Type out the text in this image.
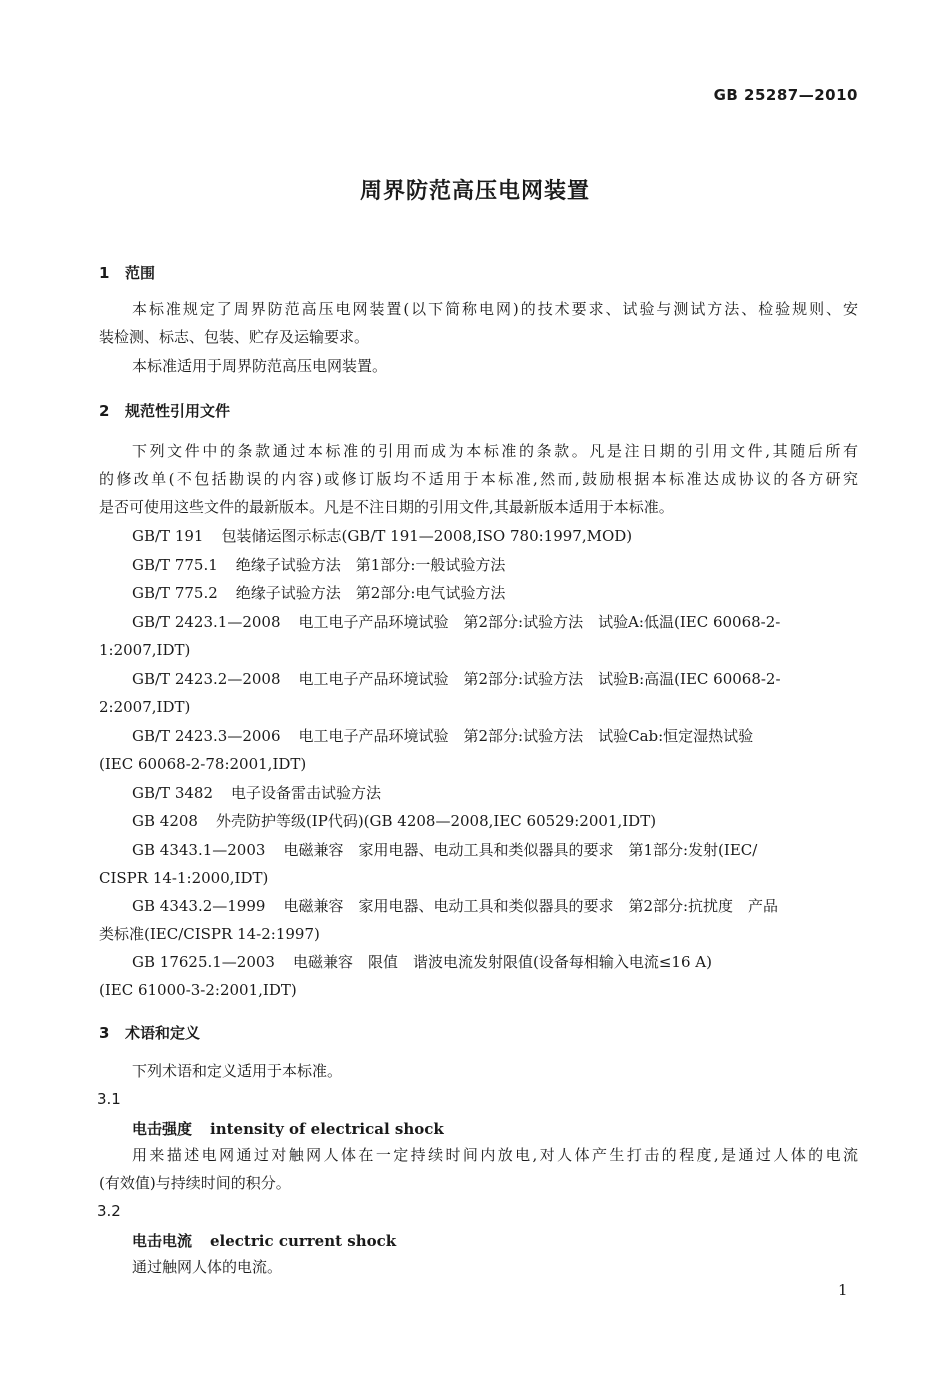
GB 25287—2010
周界防范高压电网装置
1 范围
本标准规定了周界防范高压电网装置(以下简称电网)的技术要求、试验与测试方法、检验规则、安
装检测、标志、包装、贮存及运输要求。
本标准适用于周界防范高压电网装置。
2 规范性引用文件
下列文件中的条款通过本标准的引用而成为本标准的条款。凡是注日期的引用文件,其随后所有
的修改单(不包括勘误的内容)或修订版均不适用于本标准,然而,鼓励根据本标准达成协议的各方研究
是否可使用这些文件的最新版本。凡是不注日期的引用文件,其最新版本适用于本标准。
GB/T 191 包装储运图示标志(GB/T 191—2008,ISO 780:1997,MOD)
GB/T 775.1 绝缘子试验方法　第1部分:一般试验方法
GB/T 775.2 绝缘子试验方法　第2部分:电气试验方法
GB/T 2423.1—2008 电工电子产品环境试验　第2部分:试验方法　试验A:低温(IEC 60068-2-
1:2007,IDT)
GB/T 2423.2—2008 电工电子产品环境试验　第2部分:试验方法　试验B:高温(IEC 60068-2-
2:2007,IDT)
GB/T 2423.3—2006 电工电子产品环境试验　第2部分:试验方法　试验Cab:恒定湿热试验
(IEC 60068-2-78:2001,IDT)
GB/T 3482 电子设备雷击试验方法
GB 4208 外壳防护等级(IP代码)(GB 4208—2008,IEC 60529:2001,IDT)
GB 4343.1—2003 电磁兼容　家用电器、电动工具和类似器具的要求　第1部分:发射(IEC/
CISPR 14-1:2000,IDT)
GB 4343.2—1999 电磁兼容　家用电器、电动工具和类似器具的要求　第2部分:抗扰度　产品
类标准(IEC/CISPR 14-2:1997)
GB 17625.1—2003 电磁兼容　限值　谐波电流发射限值(设备每相输入电流≤16 A)
(IEC 61000-3-2:2001,IDT)
3 术语和定义
下列术语和定义适用于本标准。
3.1
电击强度 intensity of electrical shock
用来描述电网通过对触网人体在一定持续时间内放电,对人体产生打击的程度,是通过人体的电流
(有效值)与持续时间的积分。
3.2
电击电流 electric current shock
通过触网人体的电流。
1
